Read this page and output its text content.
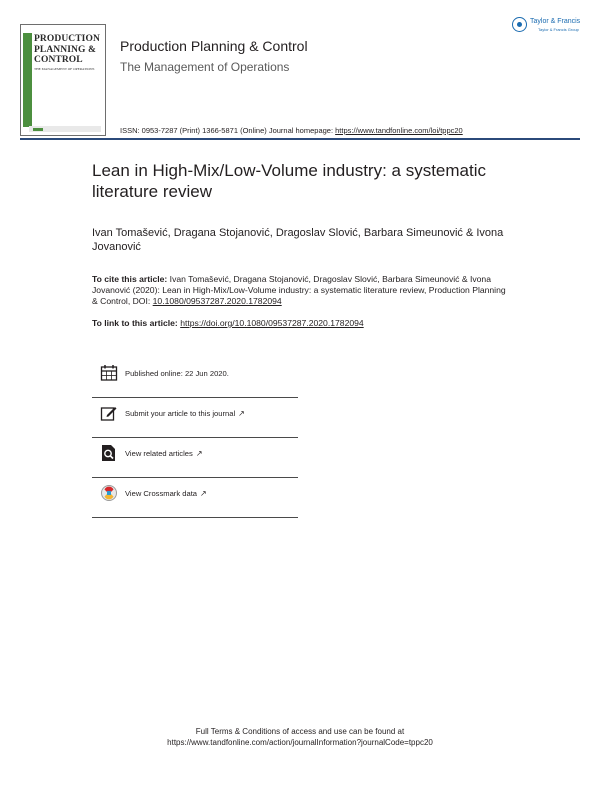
PRODUCTION
PLANNING &
CONTROL
THE MANAGEMENT OF OPERATIONS
Production Planning & Control
The Management of Operations
ISSN: 0953-7287 (Print) 1366-5871 (Online) Journal homepage: https://www.tandfonline.com/loi/tppc20
Taylor & Francis
Taylor & Francis Group
Lean in High-Mix/Low-Volume industry: a systematic literature review
Ivan Tomašević, Dragana Stojanović, Dragoslav Slović, Barbara Simeunović & Ivona Jovanović
To cite this article: Ivan Tomašević, Dragana Stojanović, Dragoslav Slović, Barbara Simeunović & Ivona Jovanović (2020): Lean in High-Mix/Low-Volume industry: a systematic literature review, Production Planning & Control, DOI: 10.1080/09537287.2020.1782094
To link to this article: https://doi.org/10.1080/09537287.2020.1782094
Published online: 22 Jun 2020.
Submit your article to this journal ↗
View related articles ↗
View Crossmark data ↗
Full Terms & Conditions of access and use can be found at
https://www.tandfonline.com/action/journalInformation?journalCode=tppc20
